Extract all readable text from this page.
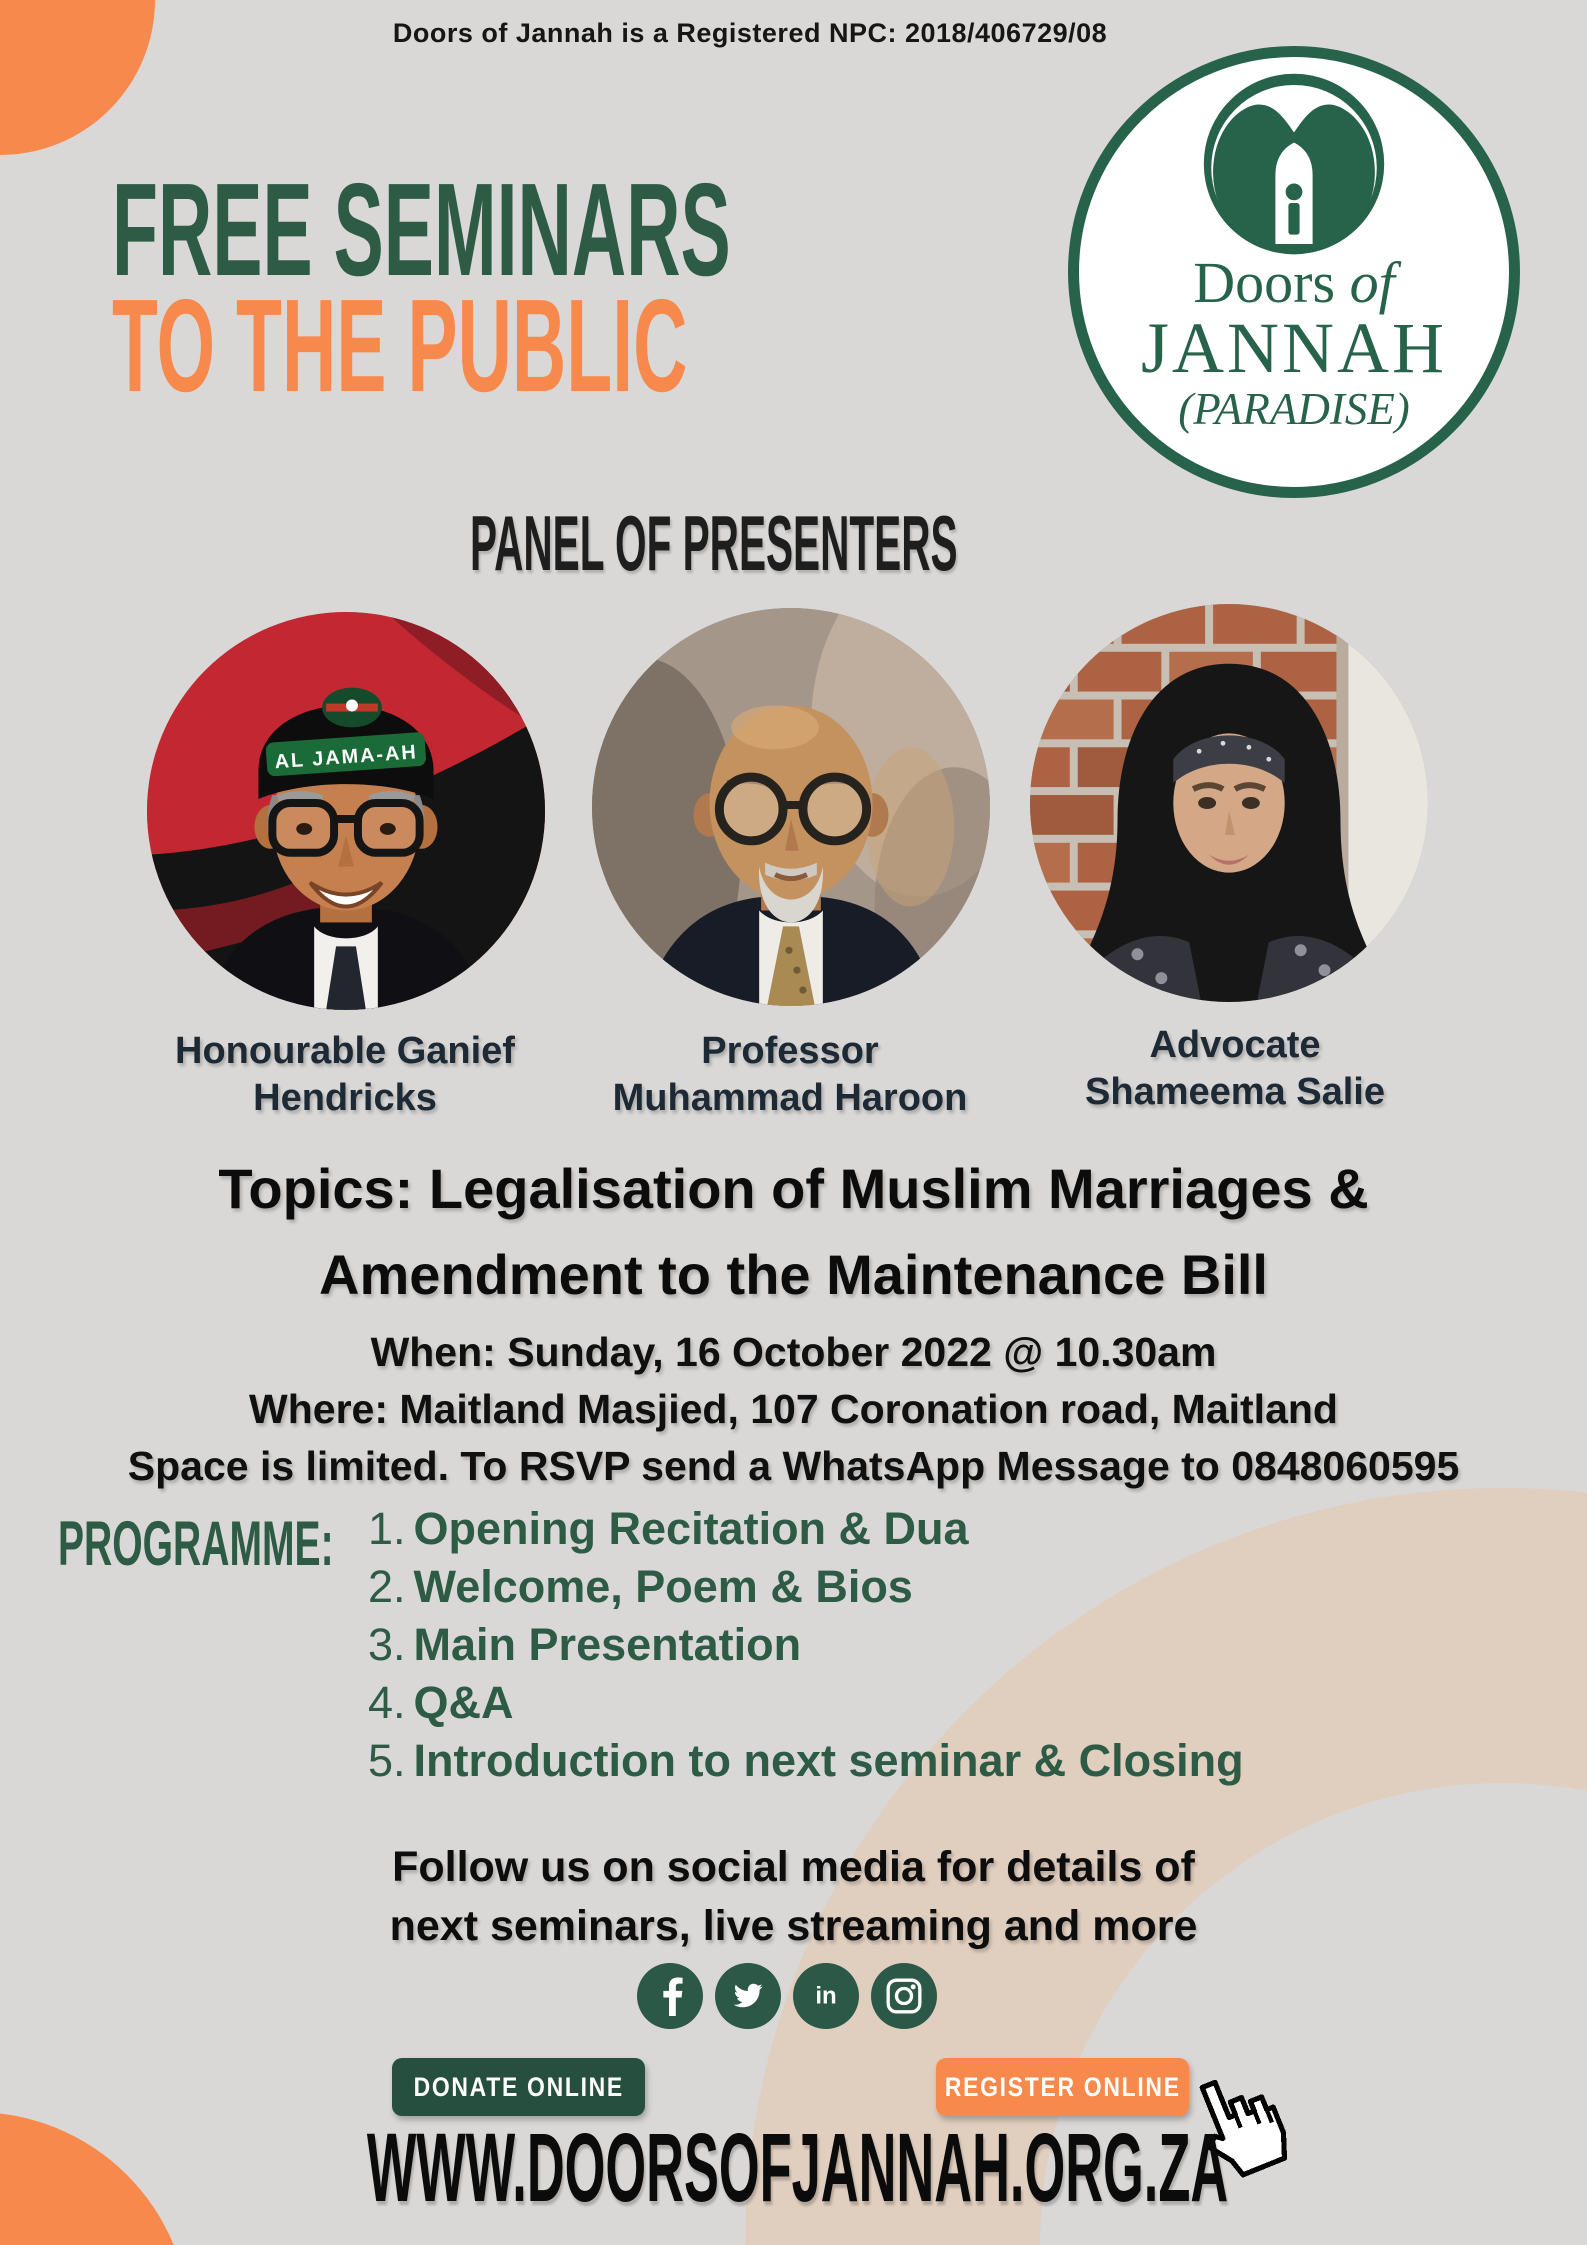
Doors of Jannah is a Registered NPC: 2018/406729/08
Doors of
JANNAH
(PARADISE)
FREE SEMINARS
TO THE PUBLIC
PANEL OF PRESENTERS
AL JAMA-AH
Honourable Ganief
Hendricks
Professor
Muhammad Haroon
Advocate
Shameema Salie
Topics: Legalisation of Muslim Marriages &
Amendment to the Maintenance Bill
When: Sunday, 16 October 2022 @ 10.30am
Where: Maitland Masjied, 107 Coronation road, Maitland
Space is limited. To RSVP send a WhatsApp Message to 0848060595
PROGRAMME: 1. Opening Recitation & Dua
2. Welcome, Poem & Bios
3. Main Presentation
4. Q&A
5. Introduction to next seminar & Closing
Follow us on social media for details of
next seminars, live streaming and more
in
DONATE ONLINE	REGISTER ONLINE
WWW.DOORSOFJANNAH.ORG.ZA
